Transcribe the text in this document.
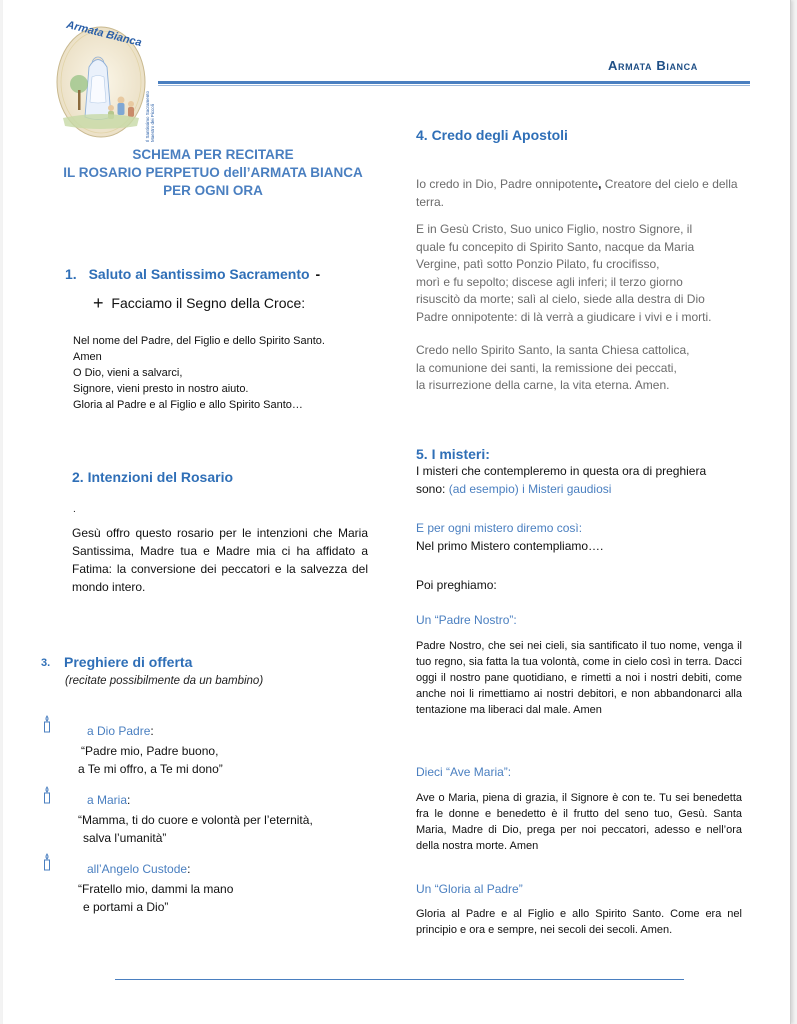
Armata Bianca
Il Santissimo Sacramento Maestro dei Piccoli
Armata Bianca
SCHEMA PER RECITARE
IL ROSARIO PERPETUO dell’ARMATA BIANCA
PER OGNI ORA
1. Saluto al Santissimo Sacramento -
+ Facciamo il Segno della Croce:
Nel nome del Padre, del Figlio e dello Spirito Santo.
Amen
O Dio, vieni a salvarci,
Signore, vieni presto in nostro aiuto.
Gloria al Padre e al Figlio e allo Spirito Santo…
2. Intenzioni del Rosario
.
Gesù offro questo rosario per le intenzioni che Maria Santissima, Madre tua e Madre mia ci ha affidato a Fatima: la conversione dei peccatori e la salvezza del mondo intero.
3. Preghiere di offerta
(recitate possibilmente da un bambino)
a Dio Padre:
“Padre mio, Padre buono,
a Te mi offro, a Te mi dono”
a Maria:
“Mamma, ti do cuore e volontà per l’eternità,
salva l’umanità”
all’Angelo Custode:
“Fratello mio, dammi la mano
e portami a Dio”
4. Credo degli Apostoli
Io credo in Dio, Padre onnipotente, Creatore del cielo e della terra.
E in Gesù Cristo, Suo unico Figlio, nostro Signore, il
quale fu concepito di Spirito Santo, nacque da Maria
Vergine, patì sotto Ponzio Pilato, fu crocifisso,
morì e fu sepolto; discese agli inferi; il terzo giorno
risuscitò da morte; salì al cielo, siede alla destra di Dio
Padre onnipotente: di là verrà a giudicare i vivi e i morti.
Credo nello Spirito Santo, la santa Chiesa cattolica,
la comunione dei santi, la remissione dei peccati,
la risurrezione della carne, la vita eterna. Amen.
5. I misteri:
I misteri che contempleremo in questa ora di preghiera
sono: (ad esempio) i Misteri gaudiosi
E per ogni mistero diremo così:
Nel primo Mistero contempliamo….
Poi preghiamo:
Un “Padre Nostro”:
Padre Nostro, che sei nei cieli, sia santificato il tuo nome, venga il tuo regno, sia fatta la tua volontà, come in cielo così in terra. Dacci oggi il nostro pane quotidiano, e rimetti a noi i nostri debiti, come anche noi li rimettiamo ai nostri debitori, e non abbandonarci alla tentazione ma liberaci dal male. Amen
Dieci “Ave Maria”:
Ave o Maria, piena di grazia, il Signore è con te. Tu sei benedetta fra le donne e benedetto è il frutto del seno tuo, Gesù. Santa Maria, Madre di Dio, prega per noi peccatori, adesso e nell’ora della nostra morte. Amen
Un “Gloria al Padre”
Gloria al Padre e al Figlio e allo Spirito Santo. Come era nel principio e ora e sempre, nei secoli dei secoli. Amen.
